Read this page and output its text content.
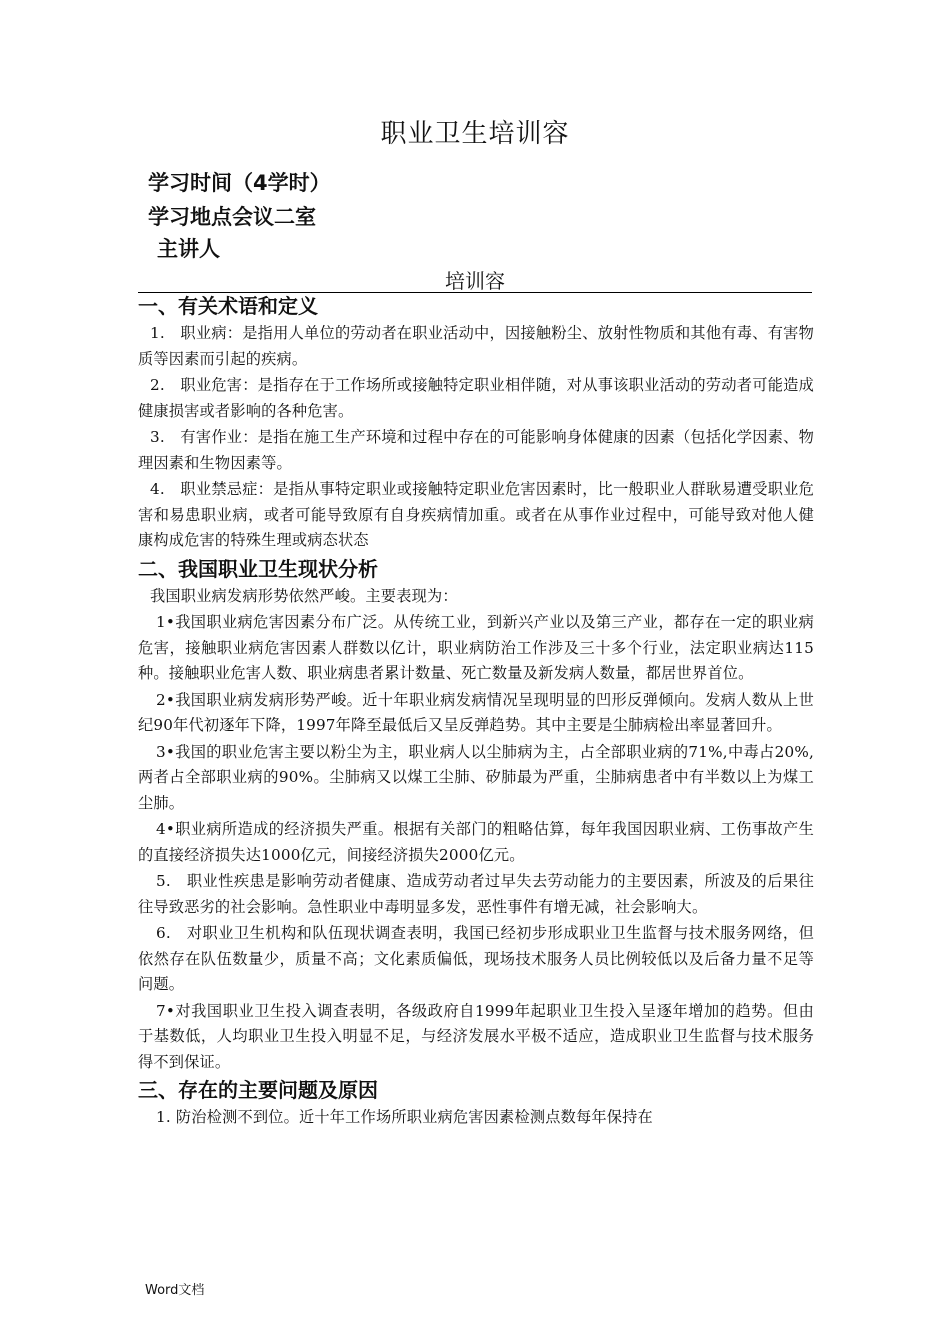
职业卫生培训容
学习时间（4学时）
学习地点会议二室
主讲人
培训容
一、有关术语和定义

1.　职业病：是指用人单位的劳动者在职业活动中，因接触粉尘、放射性物质和其他有毒、有害物质等因素而引起的疾病。

2.　职业危害：是指存在于工作场所或接触特定职业相伴随，对从事该职业活动的劳动者可能造成健康损害或者影响的各种危害。

3.　有害作业：是指在施工生产环境和过程中存在的可能影响身体健康的因素（包括化学因素、物理因素和生物因素等。

4.　职业禁忌症：是指从事特定职业或接触特定职业危害因素时，比一般职业人群耿易遭受职业危害和易患职业病，或者可能导致原有自身疾病情加重。或者在从事作业过程中，可能导致对他人健康构成危害的特殊生理或病态状态

二、我国职业卫生现状分析

我国职业病发病形势依然严峻。主要表现为：

1•我国职业病危害因素分布广泛。从传统工业，到新兴产业以及第三产业，都存在一定的职业病危害，接触职业病危害因素人群数以亿计，职业病防治工作涉及三十多个行业，法定职业病达115种。接触职业危害人数、职业病患者累计数量、死亡数量及新发病人数量，都居世界首位。

2•我国职业病发病形势严峻。近十年职业病发病情况呈现明显的凹形反弹倾向。发病人数从上世纪90年代初逐年下降，1997年降至最低后又呈反弹趋势。其中主要是尘肺病检出率显著回升。

3•我国的职业危害主要以粉尘为主，职业病人以尘肺病为主，占全部职业病的71%,中毒占20%,两者占全部职业病的90%。尘肺病又以煤工尘肺、矽肺最为严重，尘肺病患者中有半数以上为煤工尘肺。

4•职业病所造成的经济损失严重。根据有关部门的粗略估算，每年我国因职业病、工伤事故产生的直接经济损失达1000亿元，间接经济损失2000亿元。

5.　职业性疾患是影响劳动者健康、造成劳动者过早失去劳动能力的主要因素，所波及的后果往往导致恶劣的社会影响。急性职业中毒明显多发，恶性事件有增无减，社会影响大。

6.　对职业卫生机构和队伍现状调查表明，我国已经初步形成职业卫生监督与技术服务网络，但依然存在队伍数量少，质量不高；文化素质偏低，现场技术服务人员比例较低以及后备力量不足等问题。

7•对我国职业卫生投入调查表明，各级政府自1999年起职业卫生投入呈逐年增加的趋势。但由于基数低，人均职业卫生投入明显不足，与经济发展水平极不适应，造成职业卫生监督与技术服务得不到保证。

三、存在的主要问题及原因

1. 防治检测不到位。近十年工作场所职业病危害因素检测点数每年保持在

Word文档
